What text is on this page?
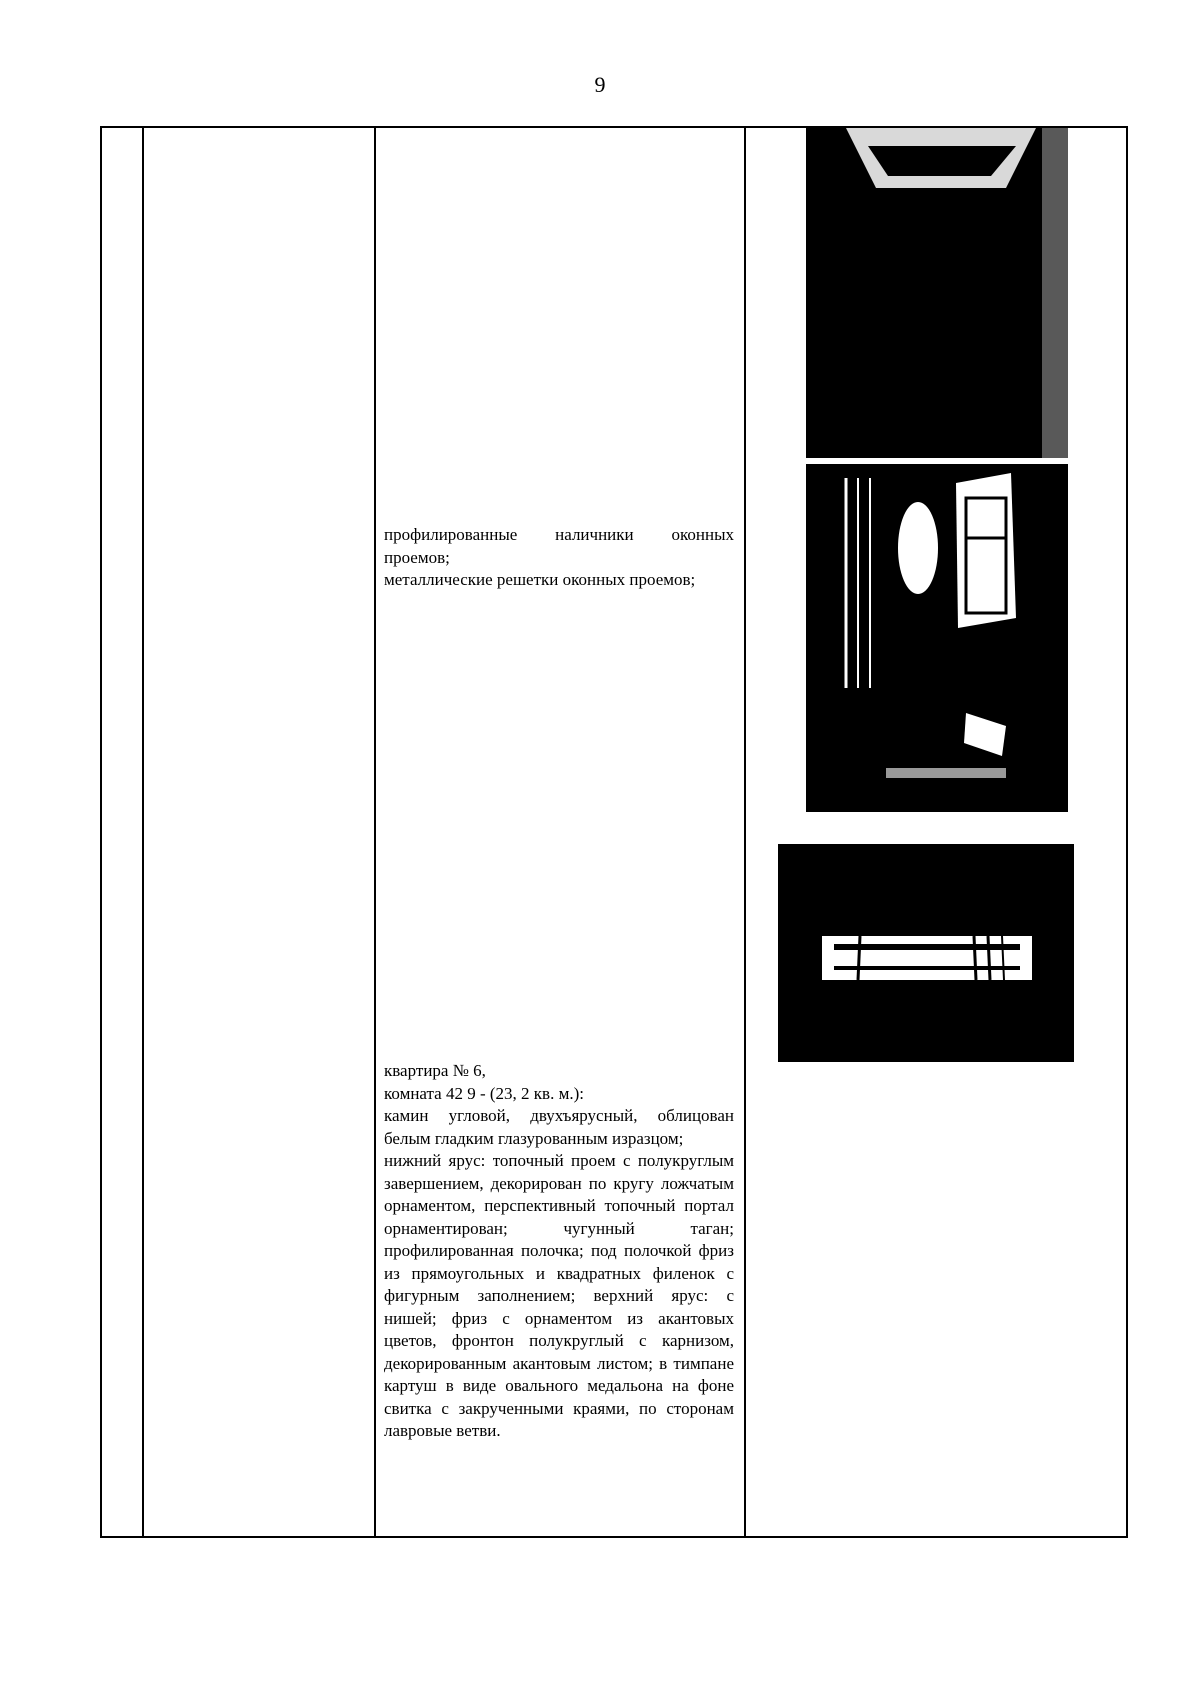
9

профилированные наличники оконных проемов;

металлические решетки оконных проемов;

квартира № 6,

комната 42 9 - (23, 2 кв. м.):

камин угловой, двухъярусный, облицован белым гладким глазурованным изразцом;

нижний ярус: топочный проем с полукруглым завершением, декорирован по кругу ложчатым орнаментом, перспективный топочный портал орнаментирован; чугунный таган; профилированная полочка; под полочкой фриз из прямоугольных и квадратных филенок с фигурным заполнением; верхний ярус: с нишей; фриз с орнаментом из акантовых цветов, фронтон полукруглый с карнизом, декорированным акантовым листом; в тимпане картуш в виде овального медальона на фоне свитка с закрученными краями, по сторонам лавровые ветви.
